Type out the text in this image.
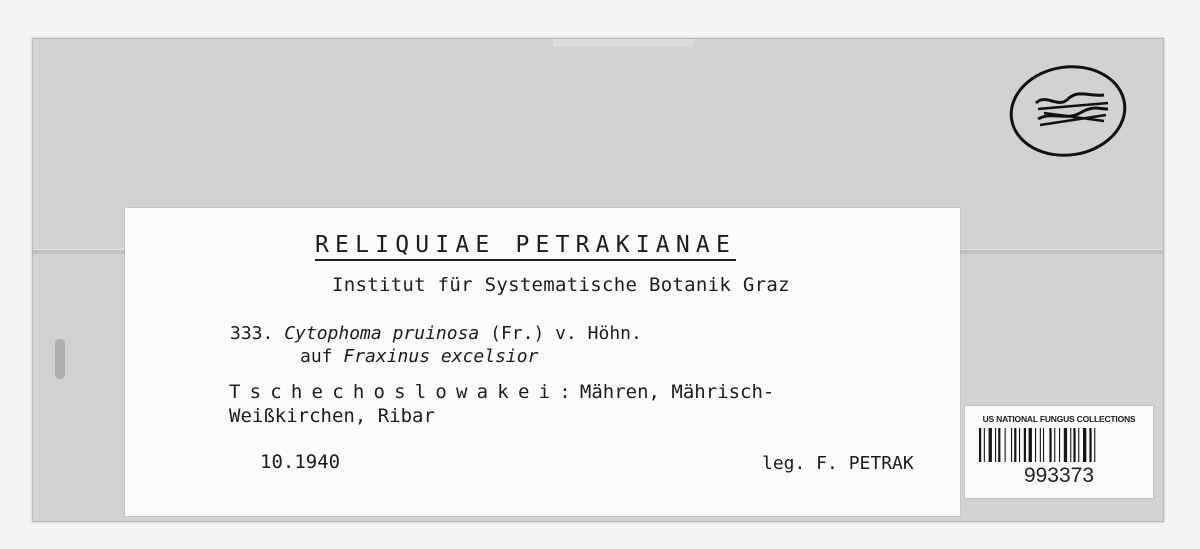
RELIQUIAE PETRAKIANAE
Institut für Systematische Botanik Graz
333. Cytophoma pruinosa (Fr.) v. Höhn.
auf Fraxinus excelsior
Tschechoslowakei:Mähren, Mährisch-
Weißkirchen, Ribar
10.1940	leg. F. PETRAK
US NATIONAL FUNGUS COLLECTIONS
993373
